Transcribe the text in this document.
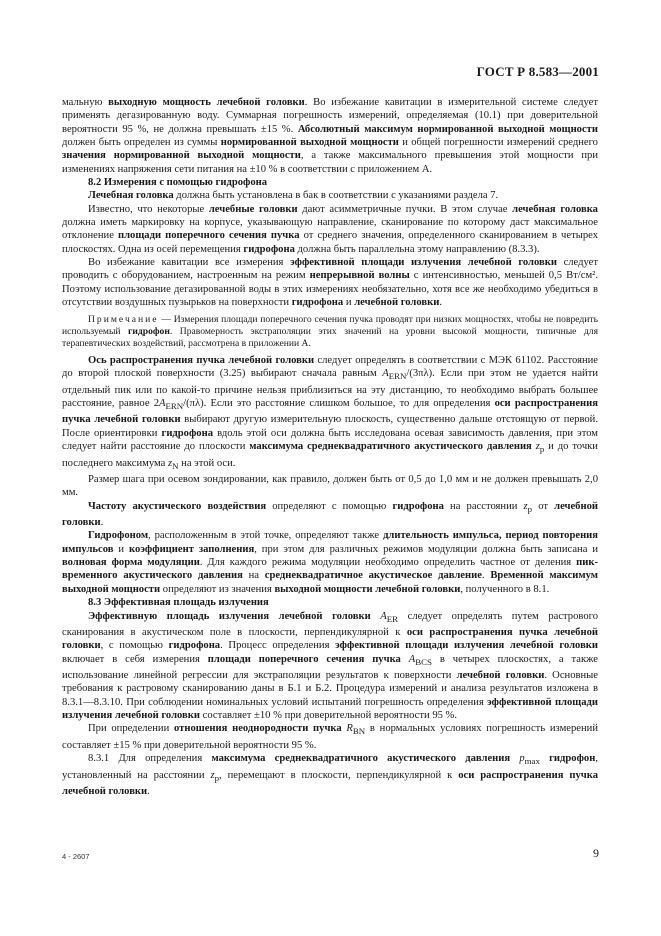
ГОСТ Р 8.583—2001

мальную выходную мощность лечебной головки. Во избежание кавитации в измерительной системе следует применять дегазированную воду. Суммарная погрешность измерений, определяемая (10.1) при доверительной вероятности 95 %, не должна превышать ±15 %. Абсолютный максимум нормированной выходной мощности должен быть определен из суммы нормированной выходной мощности и общей погрешности измерений среднего значения нормированной выходной мощности, а также максимального превышения этой мощности при изменениях напряжения сети питания на ±10 % в соответствии с приложением А.

8.2 Измерения с помощью гидрофона

Лечебная головка должна быть установлена в бак в соответствии с указаниями раздела 7.

Известно, что некоторые лечебные головки дают асимметричные пучки. В этом случае лечебная головка должна иметь маркировку на корпусе, указывающую направление, сканирование по которому даст максимальное отклонение площади поперечного сечения пучка от среднего значения, определенного сканированием в четырех плоскостях. Одна из осей перемещения гидрофона должна быть параллельна этому направлению (8.3.3).

Во избежание кавитации все измерения эффективной площади излучения лечебной головки следует проводить с оборудованием, настроенным на режим непрерывной волны с интенсивностью, меньшей 0,5 Вт/см². Поэтому использование дегазированной воды в этих измерениях необязательно, хотя все же необходимо убедиться в отсутствии воздушных пузырьков на поверхности гидрофона и лечебной головки.

Примечание — Измерения площади поперечного сечения пучка проводят при низких мощностях, чтобы не повредить используемый гидрофон. Правомерность экстраполяции этих значений на уровни высокой мощности, типичные для терапевтических воздействий, рассмотрена в приложении А.

Ось распространения пучка лечебной головки следует определять в соответствии с МЭК 61102. Расстояние до второй плоской поверхности (3.25) выбирают сначала равным $A_{ERN}/(3\pi\lambda)$. Если при этом не удается найти отдельный пик или по какой-то причине нельзя приблизиться на эту дистанцию, то необходимо выбрать большее расстояние, равное $2A_{ERN}/(\pi\lambda)$. Если это расстояние слишком большое, то для определения оси распространения пучка лечебной головки выбирают другую измерительную плоскость, существенно дальше отстоящую от первой. После ориентировки гидрофона вдоль этой оси должна быть исследована осевая зависимость давления, при этом следует найти расстояние до плоскости максимума среднеквадратичного акустического давления $z_p$ и до точки последнего максимума $z_N$ на этой оси.

Размер шага при осевом зондировании, как правило, должен быть от 0,5 до 1,0 мм и не должен превышать 2,0 мм.

Частоту акустического воздействия определяют с помощью гидрофона на расстоянии $z_p$ от лечебной головки.

Гидрофоном, расположенным в этой точке, определяют также длительность импульса, период повторения импульсов и коэффициент заполнения, при этом для различных режимов модуляции должна быть записана и волновая форма модуляции. Для каждого режима модуляции необходимо определить частное от деления пик-временного акустического давления на среднеквадратичное акустическое давление. Временной максимум выходной мощности определяют из значения выходной мощности лечебной головки, полученного в 8.1.

8.3 Эффективная площадь излучения

Эффективную площадь излучения лечебной головки $A_{ER}$ следует определять путем растрового сканирования в акустическом поле в плоскости, перпендикулярной к оси распространения пучка лечебной головки, с помощью гидрофона. Процесс определения эффективной площади излучения лечебной головки включает в себя измерения площади поперечного сечения пучка $A_{BCS}$ в четырех плоскостях, а также использование линейной регрессии для экстраполяции результатов к поверхности лечебной головки. Основные требования к растровому сканированию даны в Б.1 и Б.2. Процедура измерений и анализа результатов изложена в 8.3.1—8.3.10. При соблюдении номинальных условий испытаний погрешность определения эффективной площади излучения лечебной головки составляет ±10 % при доверительной вероятности 95 %.

При определении отношения неоднородности пучка $R_{BN}$ в нормальных условиях погрешность измерений составляет ±15 % при доверительной вероятности 95 %.

8.3.1 Для определения максимума среднеквадратичного акустического давления $p_{max}$ гидрофон, установленный на расстоянии $z_p$, перемещают в плоскости, перпендикулярной к оси распространения пучка лечебной головки.

4 - 2607	9
